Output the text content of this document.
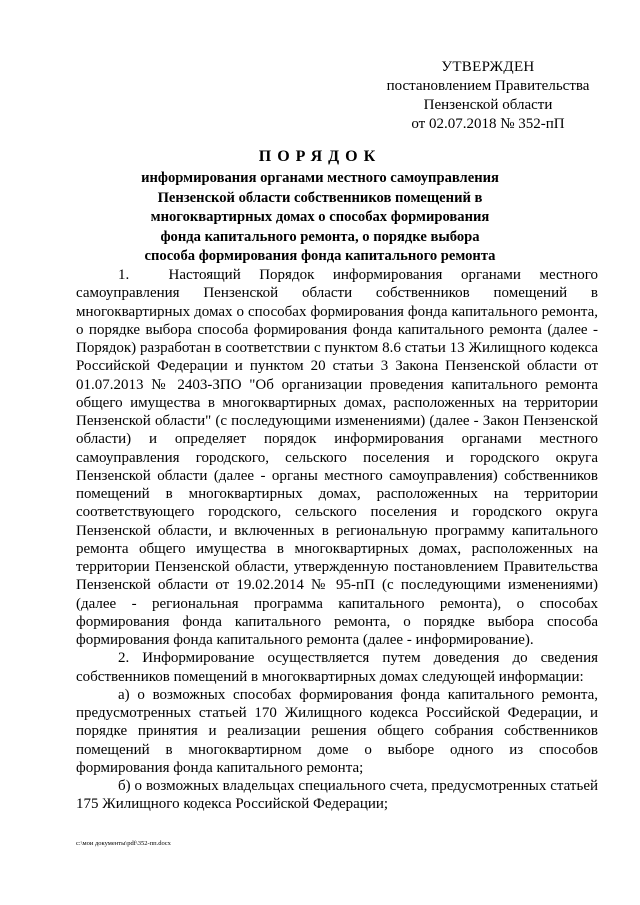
УТВЕРЖДЕН
постановлением Правительства
Пензенской области
от 02.07.2018 № 352-пП
ПОРЯДОК
информирования органами местного самоуправления Пензенской области собственников помещений в многоквартирных домах о способах формирования фонда капитального ремонта, о порядке выбора способа формирования фонда капитального ремонта

1.	Настоящий Порядок информирования органами местного самоуправления Пензенской области собственников помещений в многоквартирных домах о способах формирования фонда капитального ремонта, о порядке выбора способа формирования фонда капитального ремонта (далее - Порядок) разработан в соответствии с пунктом 8.6 статьи 13 Жилищного кодекса Российской Федерации и пунктом 20 статьи 3 Закона Пензенской области от 01.07.2013 № 2403-ЗПО "Об организации проведения капитального ремонта общего имущества в многоквартирных домах, расположенных на территории Пензенской области" (с последующими изменениями) (далее - Закон Пензенской области) и определяет порядок информирования органами местного самоуправления городского, сельского поселения и городского округа Пензенской области (далее - органы местного самоуправления) собственников помещений в многоквартирных домах, расположенных на территории соответствующего городского, сельского поселения и городского округа Пензенской области, и включенных в региональную программу капитального ремонта общего имущества в многоквартирных домах, расположенных на территории Пензенской области, утвержденную постановлением Правительства Пензенской области от 19.02.2014 № 95-пП (с последующими изменениями) (далее - региональная программа капитального ремонта), о способах формирования фонда капитального ремонта, о порядке выбора способа формирования фонда капитального ремонта (далее - информирование).

2. Информирование осуществляется путем доведения до сведения собственников помещений в многоквартирных домах следующей информации:

а) о возможных способах формирования фонда капитального ремонта, предусмотренных статьей 170 Жилищного кодекса Российской Федерации, и порядке принятия и реализации решения общего собрания собственников помещений в многоквартирном доме о выборе одного из способов формирования фонда капитального ремонта;

б) о возможных владельцах специального счета, предусмотренных статьей 175 Жилищного кодекса Российской Федерации;

c:\мои документы\pdf\352-пп.docx
